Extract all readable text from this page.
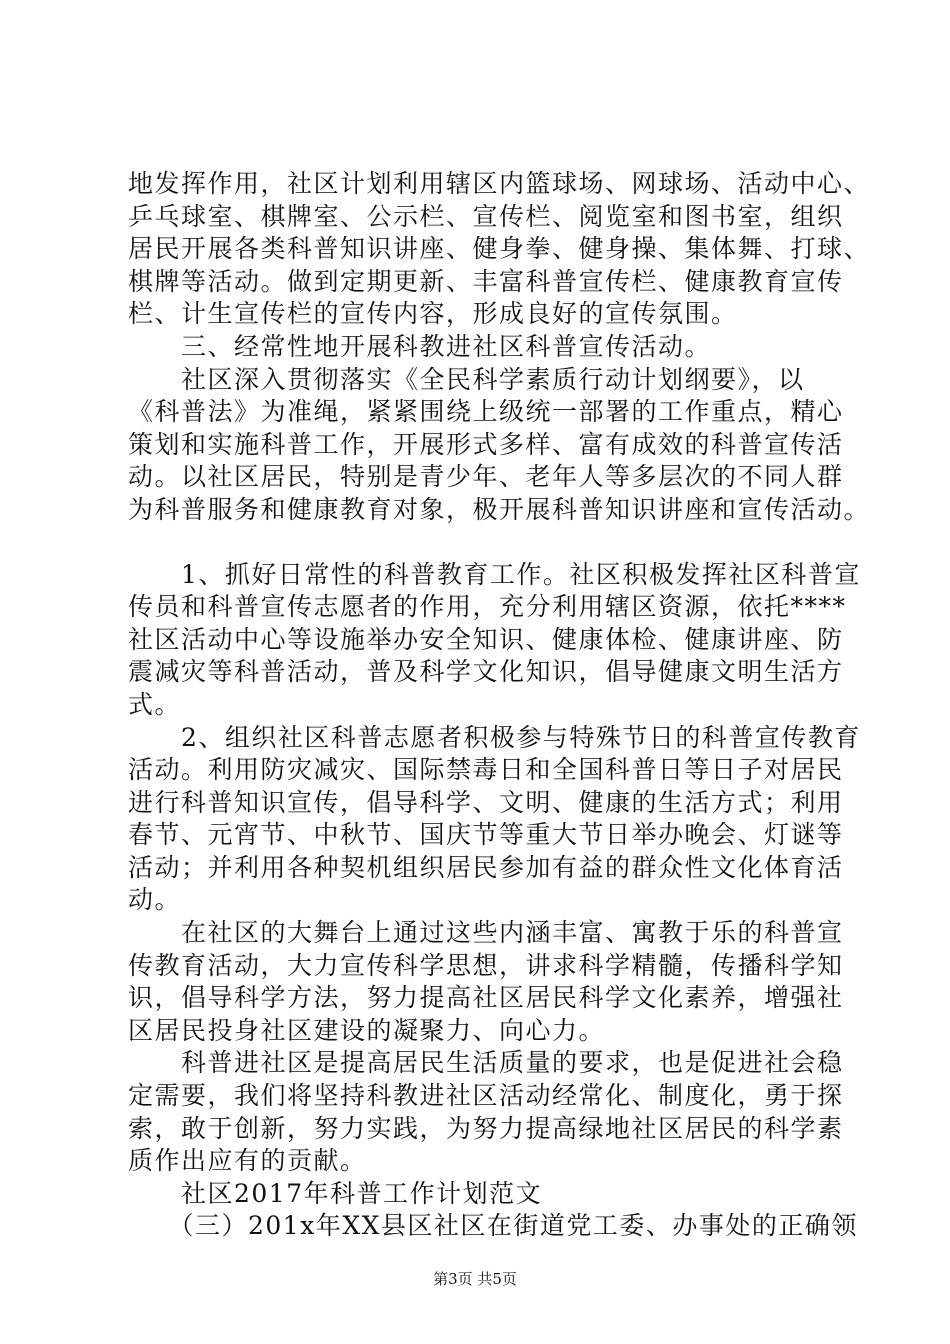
地发挥作用，社区计划利用辖区内篮球场、网球场、活动中心、
乒乓球室、棋牌室、公示栏、宣传栏、阅览室和图书室，组织
居民开展各类科普知识讲座、健身拳、健身操、集体舞、打球、
棋牌等活动。做到定期更新、丰富科普宣传栏、健康教育宣传
栏、计生宣传栏的宣传内容，形成良好的宣传氛围。
　　三、经常性地开展科教进社区科普宣传活动。
　　社区深入贯彻落实《全民科学素质行动计划纲要》，以
《科普法》为准绳，紧紧围绕上级统一部署的工作重点，精心
策划和实施科普工作，开展形式多样、富有成效的科普宣传活
动。以社区居民，特别是青少年、老年人等多层次的不同人群
为科普服务和健康教育对象，极开展科普知识讲座和宣传活动。
　　1、抓好日常性的科普教育工作。社区积极发挥社区科普宣
传员和科普宣传志愿者的作用，充分利用辖区资源，依托****
社区活动中心等设施举办安全知识、健康体检、健康讲座、防
震减灾等科普活动，普及科学文化知识，倡导健康文明生活方
式。
　　2、组织社区科普志愿者积极参与特殊节日的科普宣传教育
活动。利用防灾减灾、国际禁毒日和全国科普日等日子对居民
进行科普知识宣传，倡导科学、文明、健康的生活方式；利用
春节、元宵节、中秋节、国庆节等重大节日举办晚会、灯谜等
活动；并利用各种契机组织居民参加有益的群众性文化体育活
动。
　　在社区的大舞台上通过这些内涵丰富、寓教于乐的科普宣
传教育活动，大力宣传科学思想，讲求科学精髓，传播科学知
识，倡导科学方法，努力提高社区居民科学文化素养，增强社
区居民投身社区建设的凝聚力、向心力。
　　科普进社区是提高居民生活质量的要求，也是促进社会稳
定需要，我们将坚持科教进社区活动经常化、制度化，勇于探
索，敢于创新，努力实践，为努力提高绿地社区居民的科学素
质作出应有的贡献。
　　社区2017年科普工作计划范文
　　（三）201x年XX县区社区在街道党工委、办事处的正确领
第3页 共5页
